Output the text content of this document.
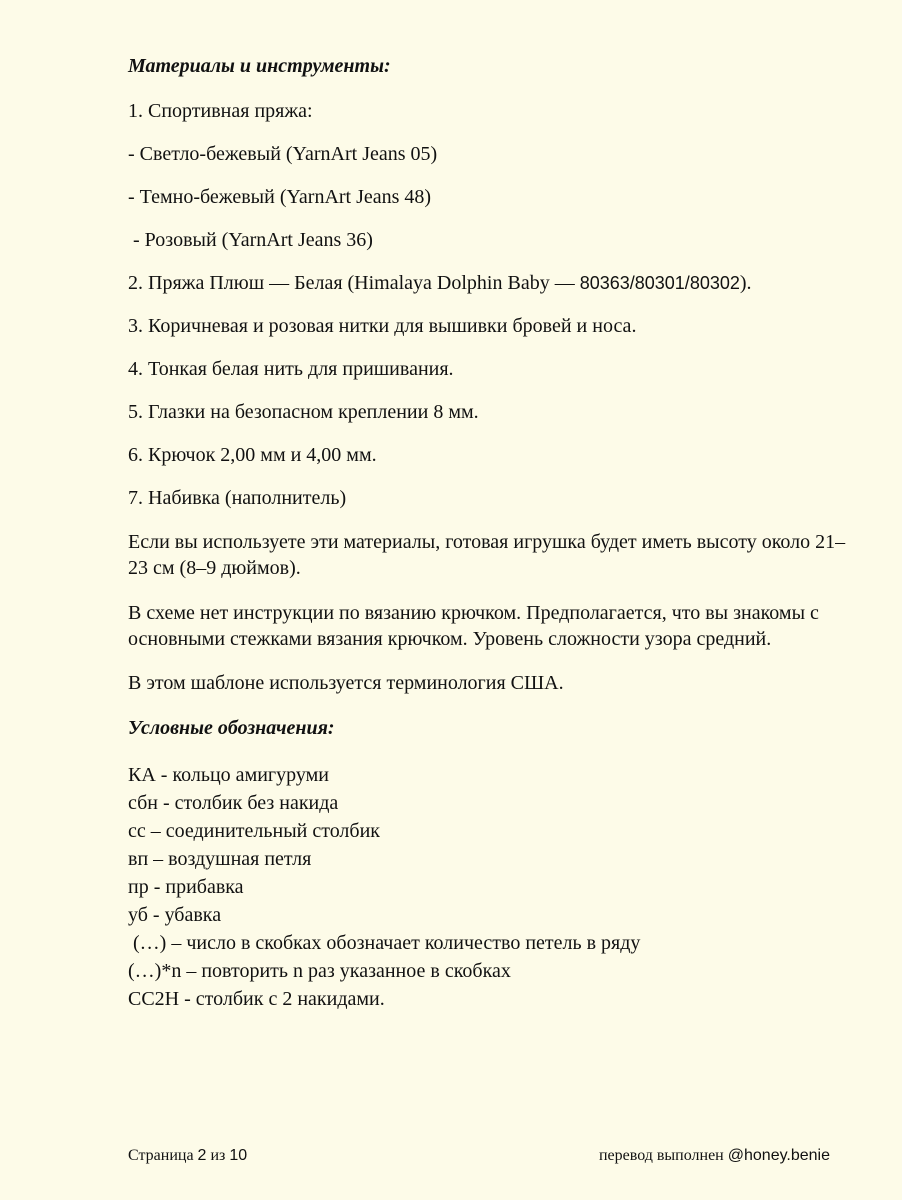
Материалы и инструменты:
1. Спортивная пряжа:
- Светло-бежевый (YarnArt Jeans 05)
- Темно-бежевый (YarnArt Jeans 48)
- Розовый (YarnArt Jeans 36)
2. Пряжа Плюш — Белая (Himalaya Dolphin Baby — 80363/80301/80302).
3. Коричневая и розовая нитки для вышивки бровей и носа.
4. Тонкая белая нить для пришивания.
5. Глазки на безопасном креплении 8 мм.
6. Крючок 2,00 мм и 4,00 мм.
7. Набивка (наполнитель)
Если вы используете эти материалы, готовая игрушка будет иметь высоту около 21–23 см (8–9 дюймов).
В схеме нет инструкции по вязанию крючком. Предполагается, что вы знакомы с основными стежками вязания крючком. Уровень сложности узора средний.
В этом шаблоне используется терминология США.
Условные обозначения:
КА - кольцо амигуруми
сбн - столбик без накида
сс – соединительный столбик
вп – воздушная петля
пр - прибавка
уб - убавка
(…) – число в скобках обозначает количество петель в ряду
(…)*n – повторить n раз указанное в скобках
СС2Н - столбик с 2 накидами.
Страница 2 из 10	перевод выполнен @honey.benie
